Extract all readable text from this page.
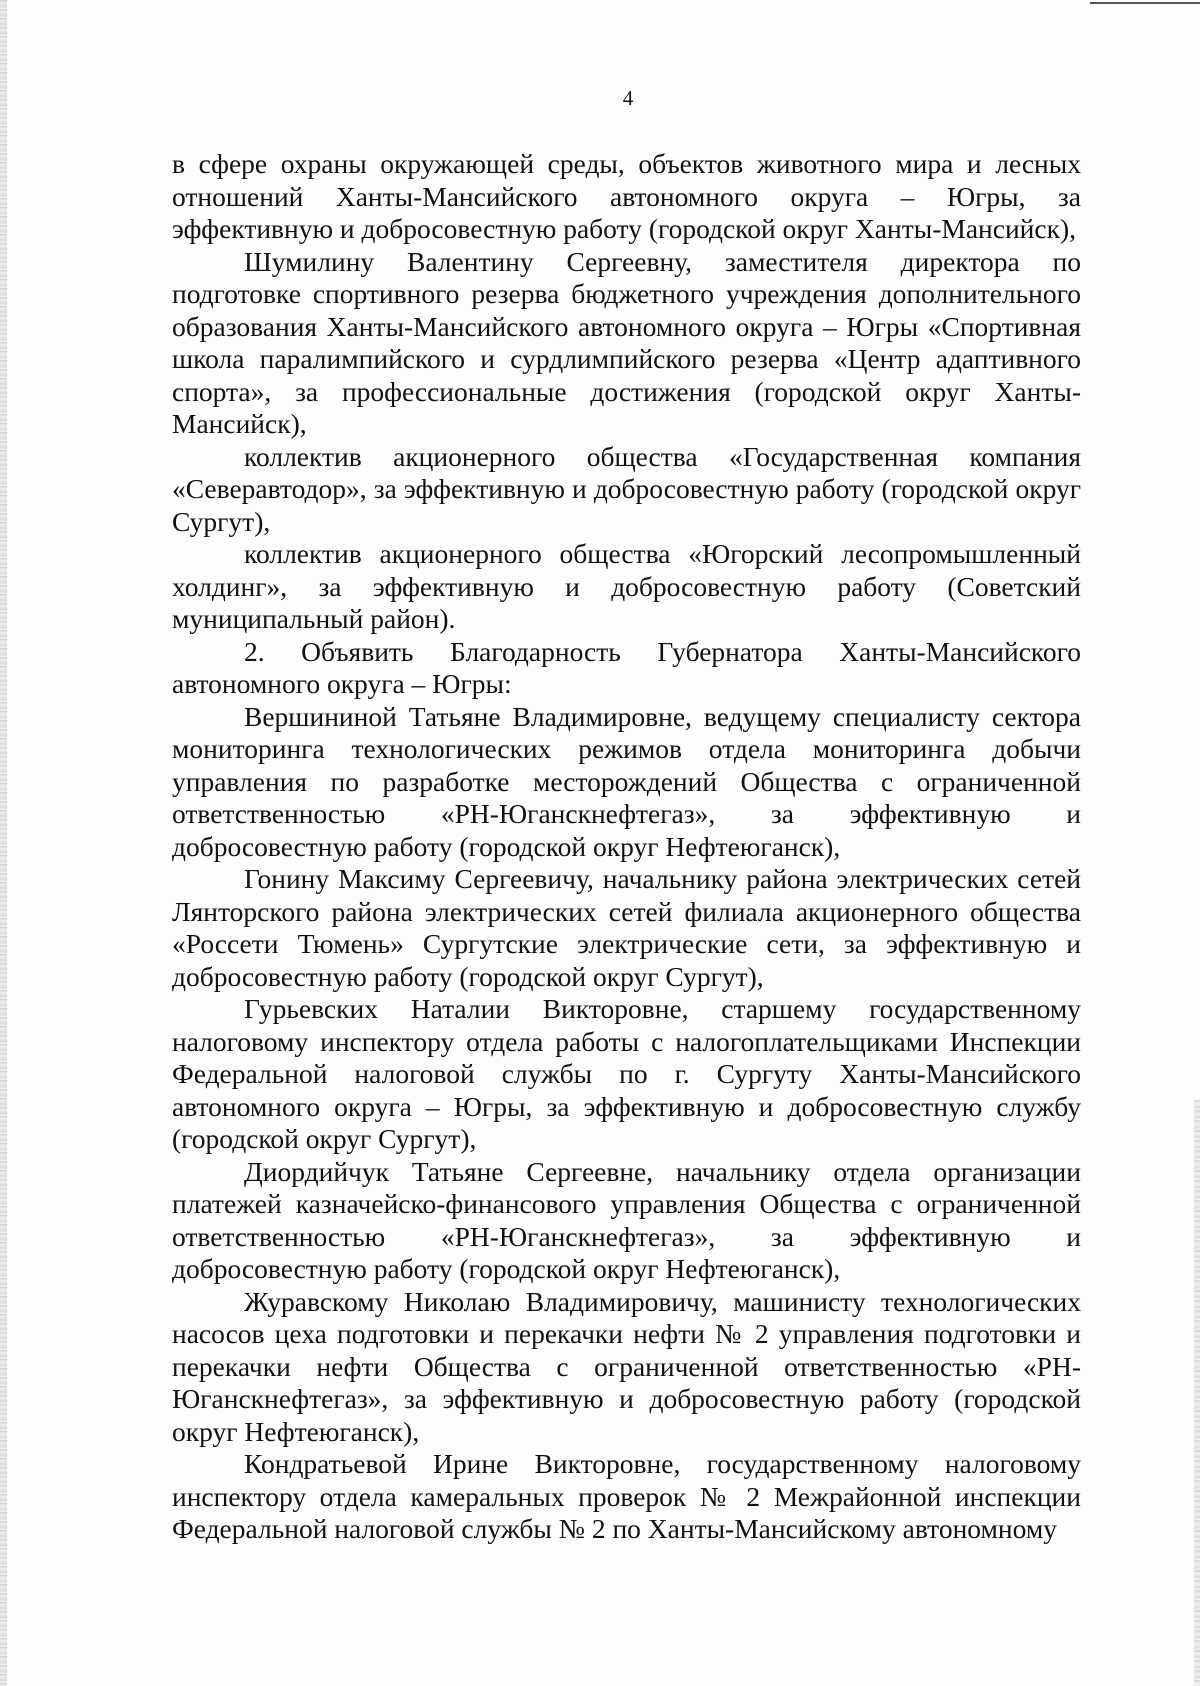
4

в сфере охраны окружающей среды, объектов животного мира и лесных отношений Ханты-Мансийского автономного округа – Югры, за эффективную и добросовестную работу (городской округ Ханты-Мансийск),

Шумилину Валентину Сергеевну, заместителя директора по подготовке спортивного резерва бюджетного учреждения дополнительного образования Ханты-Мансийского автономного округа – Югры «Спортивная школа паралимпийского и сурдлимпийского резерва «Центр адаптивного спорта», за профессиональные достижения (городской округ Ханты-Мансийск),

коллектив акционерного общества «Государственная компания «Северавтодор», за эффективную и добросовестную работу (городской округ Сургут),

коллектив акционерного общества «Югорский лесопромышленный холдинг», за эффективную и добросовестную работу (Советский муниципальный район).

2. Объявить Благодарность Губернатора Ханты-Мансийского автономного округа – Югры:

Вершининой Татьяне Владимировне, ведущему специалисту сектора мониторинга технологических режимов отдела мониторинга добычи управления по разработке месторождений Общества с ограниченной ответственностью «РН-Юганскнефтегаз», за эффективную и добросовестную работу (городской округ Нефтеюганск),

Гонину Максиму Сергеевичу, начальнику района электрических сетей Лянторского района электрических сетей филиала акционерного общества «Россети Тюмень» Сургутские электрические сети, за эффективную и добросовестную работу (городской округ Сургут),

Гурьевских Наталии Викторовне, старшему государственному налоговому инспектору отдела работы с налогоплательщиками Инспекции Федеральной налоговой службы по г. Сургуту Ханты-Мансийского автономного округа – Югры, за эффективную и добросовестную службу (городской округ Сургут),

Диордийчук Татьяне Сергеевне, начальнику отдела организации платежей казначейско-финансового управления Общества с ограниченной ответственностью «РН-Юганскнефтегаз», за эффективную и добросовестную работу (городской округ Нефтеюганск),

Журавскому Николаю Владимировичу, машинисту технологических насосов цеха подготовки и перекачки нефти № 2 управления подготовки и перекачки нефти Общества с ограниченной ответственностью «РН-Юганскнефтегаз», за эффективную и добросовестную работу (городской округ Нефтеюганск),

Кондратьевой Ирине Викторовне, государственному налоговому инспектору отдела камеральных проверок № 2 Межрайонной инспекции Федеральной налоговой службы № 2 по Ханты-Мансийскому автономному
